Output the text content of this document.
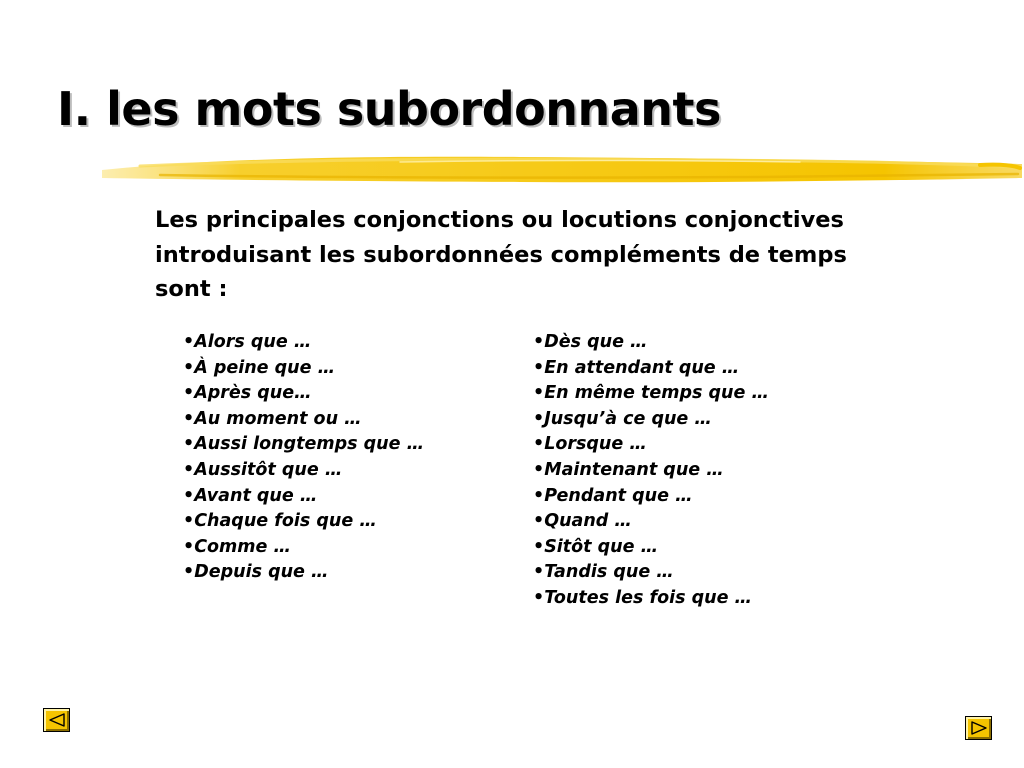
I. les mots subordonnants

Les principales conjonctions ou locutions conjonctives introduisant les subordonnées compléments de temps sont :

•Alors que …
•À peine que …
•Après que…
•Au moment ou …
•Aussi longtemps que …
•Aussitôt que …
•Avant que …
•Chaque fois que …
•Comme …
•Depuis que …
•Dès que …
•En attendant que …
•En même temps que …
•Jusqu’à ce que …
•Lorsque …
•Maintenant que …
•Pendant que …
•Quand …
•Sitôt que …
•Tandis que …
•Toutes les fois que …
